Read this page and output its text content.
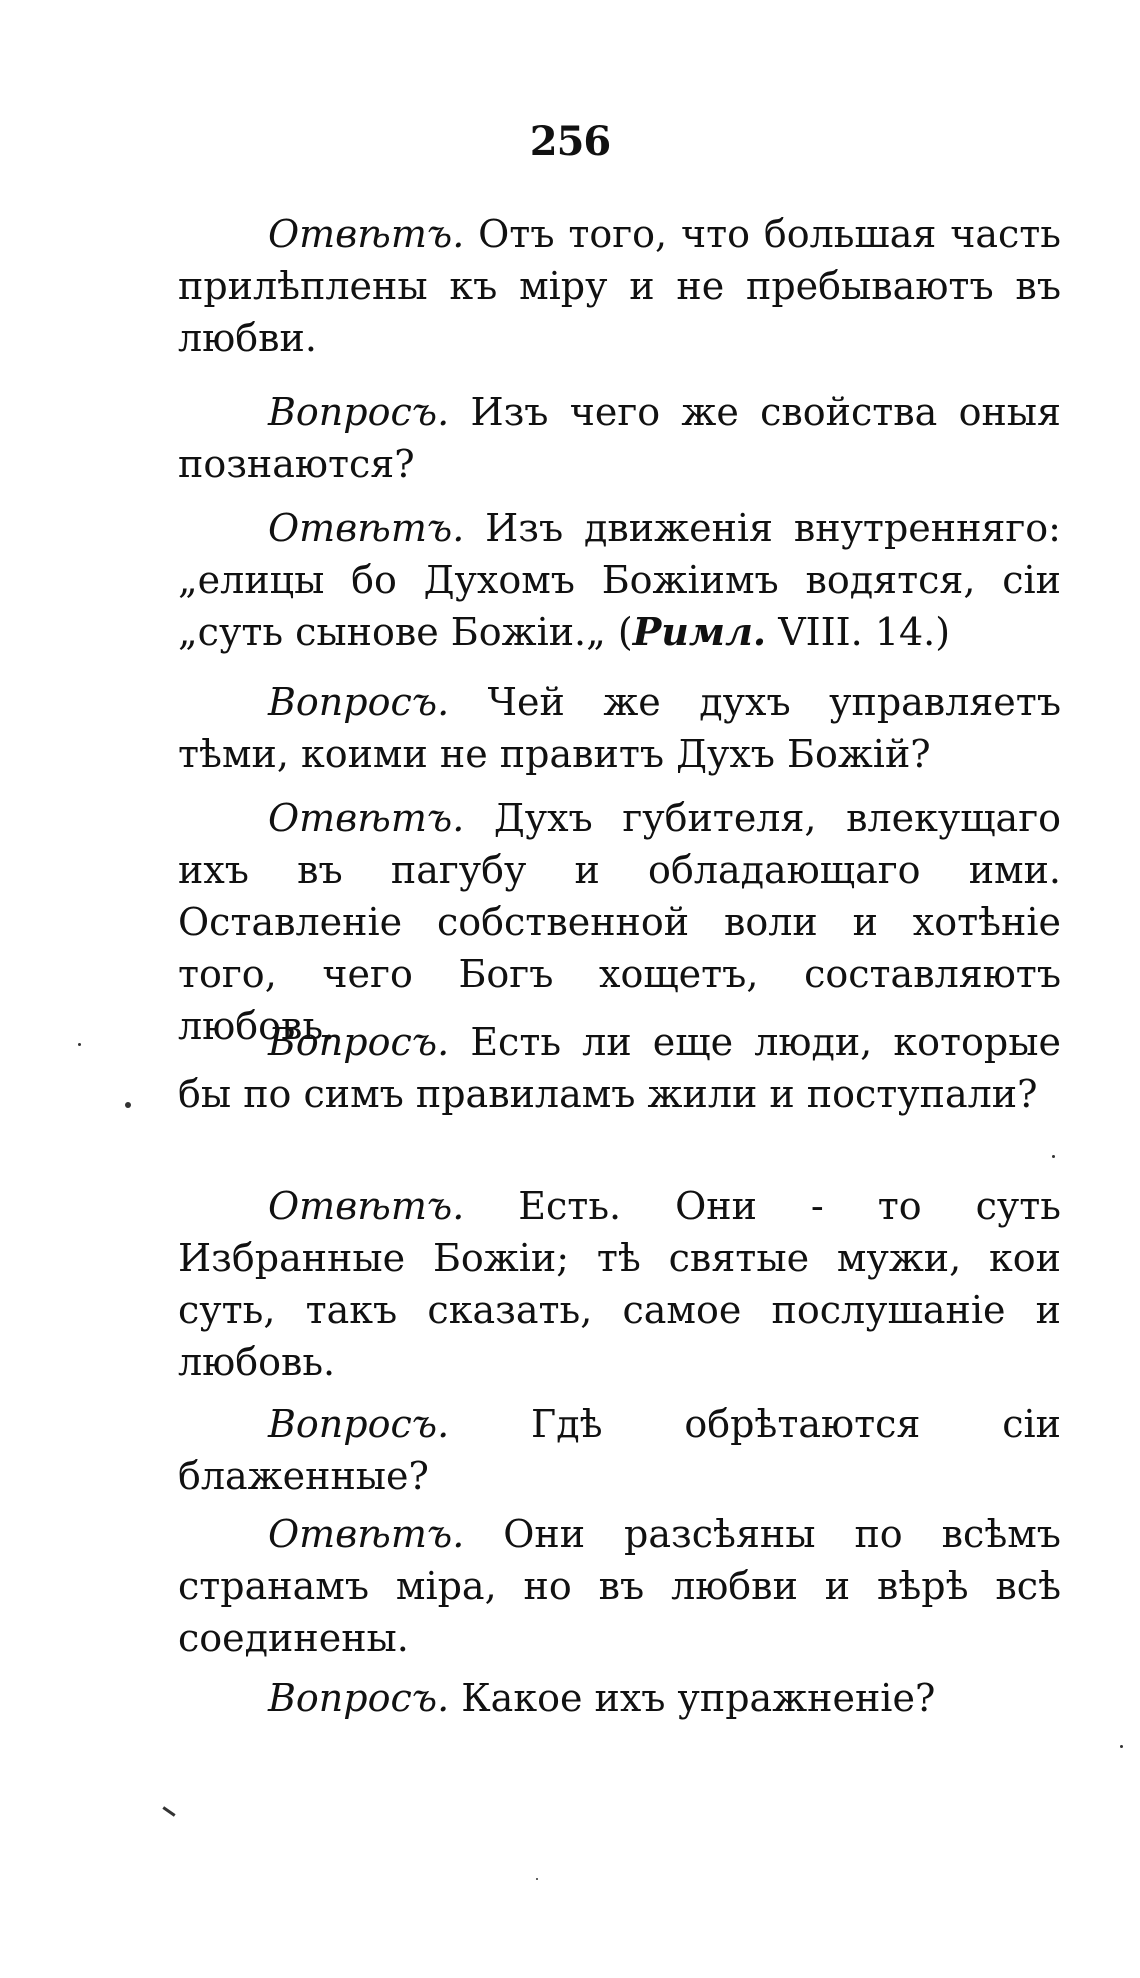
256

Отвѣтъ. Отъ того, что большая часть прилѣплены къ міру и не пребываютъ въ любви.

Вопросъ. Изъ чего же свойства оныя познаются?

Отвѣтъ. Изъ движенія внутренняго: „елицы бо Духомъ Божіимъ водятся, сіи „суть сынове Божіи.„ (Римл. VIII. 14.)

Вопросъ. Чей же духъ управляетъ тѣми, коими не правитъ Духъ Божій?

Отвѣтъ. Духъ губителя, влекущаго ихъ въ пагубу и обладающаго ими. Оставленіе собственной воли и хотѣніе того, чего Богъ хощетъ, составляютъ любовь.

Вопросъ. Есть ли еще люди, которые бы по симъ правиламъ жили и поступали?

Отвѣтъ. Есть. Они - то суть Избранные Божіи; тѣ святые мужи, кои суть, такъ сказать, самое послушаніе и любовь.

Вопросъ. Гдѣ обрѣтаются сіи блаженные?

Отвѣтъ. Они разсѣяны по всѣмъ странамъ міра, но въ любви и вѣрѣ всѣ соединены.

Вопросъ. Какое ихъ упражненіе?
